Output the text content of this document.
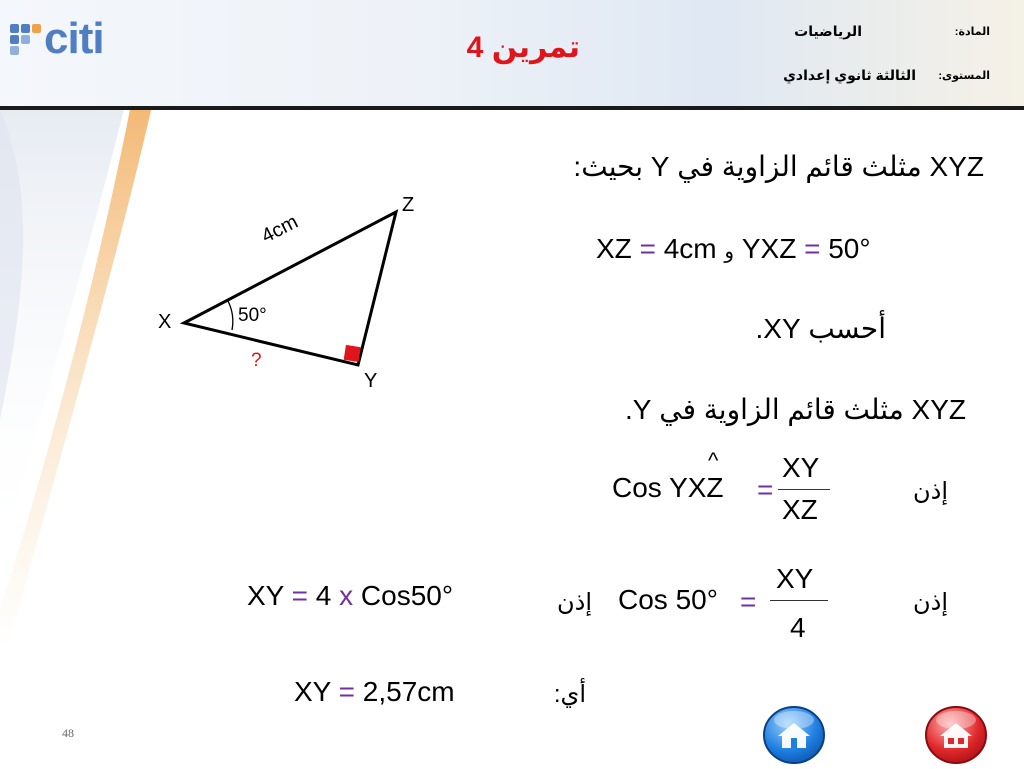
citi	تمرين 4	المادة:
الرياضيات
المستوى:
الثالثة ثانوي إعدادي
X
Y
Z
4cm
50°
?
XYZ مثلث قائم الزاوية في Y بحيث:
XZ = 4cm و YXZ = 50°
أحسب XY.
XYZ مثلث قائم الزاوية في Y.
إذن
Cos YXZ
^
=
XY
XZ
إذن
Cos 50° =
XY
4
إذن
XY = 4 x Cos50°
أي:
XY = 2,57cm
48
